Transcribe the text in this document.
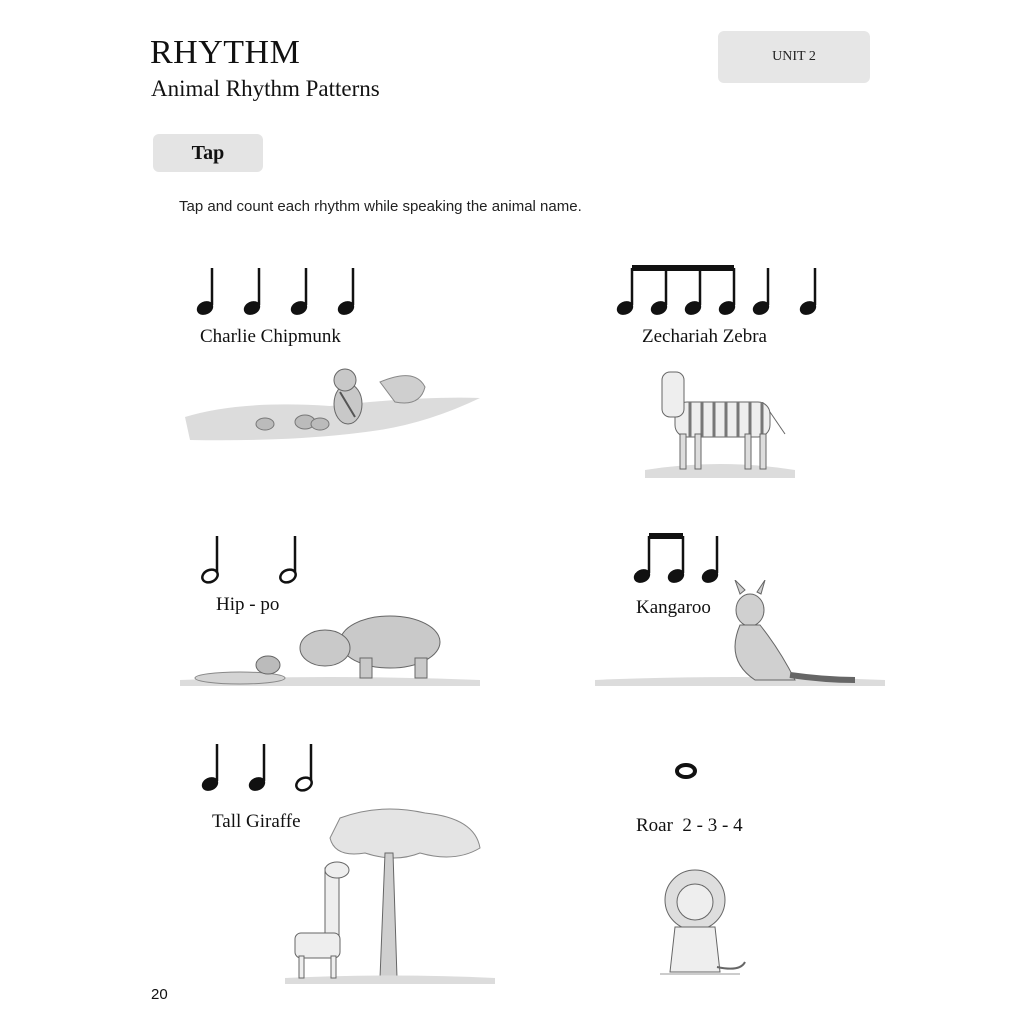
RHYTHM
Animal Rhythm Patterns
UNIT 2
Tap
Tap and count each rhythm while speaking the animal name.
Charlie Chipmunk	Zechariah Zebra
Hip - po	Kangaroo
Tall Giraffe	Roar  2 - 3 - 4
20
